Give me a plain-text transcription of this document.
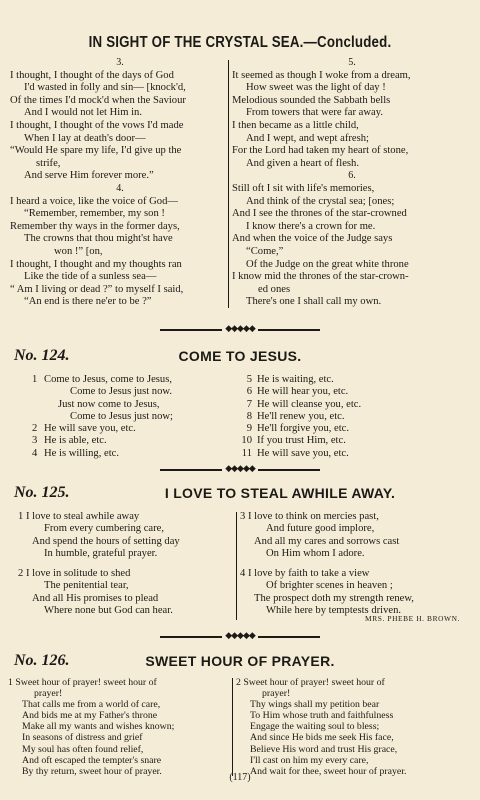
IN SIGHT OF THE CRYSTAL SEA.—Concluded.
3.
I thought, I thought of the days of God
I'd wasted in folly and sin— [knock'd,
Of the times I'd mock'd when the Saviour
And I would not let Him in.
I thought, I thought of the vows I'd made
When I lay at death's door—
“Would He spare my life, I'd give up the
strife,
And serve Him forever more.”
4.
I heard a voice, like the voice of God—
“Remember, remember, my son !
Remember thy ways in the former days,
The crowns that thou might'st have
won !” [on,
I thought, I thought and my thoughts ran
Like the tide of a sunless sea—
“ Am I living or dead ?” to myself I said,
“An end is there ne'er to be ?”
5.
It seemed as though I woke from a dream,
How sweet was the light of day !
Melodious sounded the Sabbath bells
From towers that were far away.
I then became as a little child,
And I wept, and wept afresh;
For the Lord had taken my heart of stone,
And given a heart of flesh.
6.
Still oft I sit with life's memories,
And think of the crystal sea; [ones;
And I see the thrones of the star-crowned
I know there's a crown for me.
And when the voice of the Judge says
“Come,”
Of the Judge on the great white throne
I know mid the thrones of the star-crown-
ed ones
There's one I shall call my own.
◆◆◆◆◆
No. 124.	COME TO JESUS.
1 Come to Jesus, come to Jesus,
Come to Jesus just now.
Just now come to Jesus,
Come to Jesus just now;
2 He will save you, etc.
3 He is able, etc.
4 He is willing, etc.
5 He is waiting, etc.
6 He will hear you, etc.
7 He will cleanse you, etc.
8 He'll renew you, etc.
9 He'll forgive you, etc.
10 If you trust Him, etc.
11 He will save you, etc.
◆◆◆◆◆
No. 125.	I LOVE TO STEAL AWHILE AWAY.
1 I love to steal awhile away
From every cumbering care,
And spend the hours of setting day
In humble, grateful prayer.
2 I love in solitude to shed
The penitential tear,
And all His promises to plead
Where none but God can hear.
3 I love to think on mercies past,
And future good implore,
And all my cares and sorrows cast
On Him whom I adore.
4 I love by faith to take a view
Of brighter scenes in heaven ;
The prospect doth my strength renew,
While here by temptests driven.
MRS. PHEBE H. BROWN.
◆◆◆◆◆
No. 126.	SWEET HOUR OF PRAYER.
1 Sweet hour of prayer! sweet hour of
prayer!
That calls me from a world of care,
And bids me at my Father's throne
Make all my wants and wishes known;
In seasons of distress and grief
My soul has often found relief,
And oft escaped the tempter's snare
By thy return, sweet hour of prayer.
2 Sweet hour of prayer! sweet hour of
prayer!
Thy wings shall my petition bear
To Him whose truth and faithfulness
Engage the waiting soul to bless;
And since He bids me seek His face,
Believe His word and trust His grace,
I'll cast on him my every care,
And wait for thee, sweet hour of prayer.
(117)
